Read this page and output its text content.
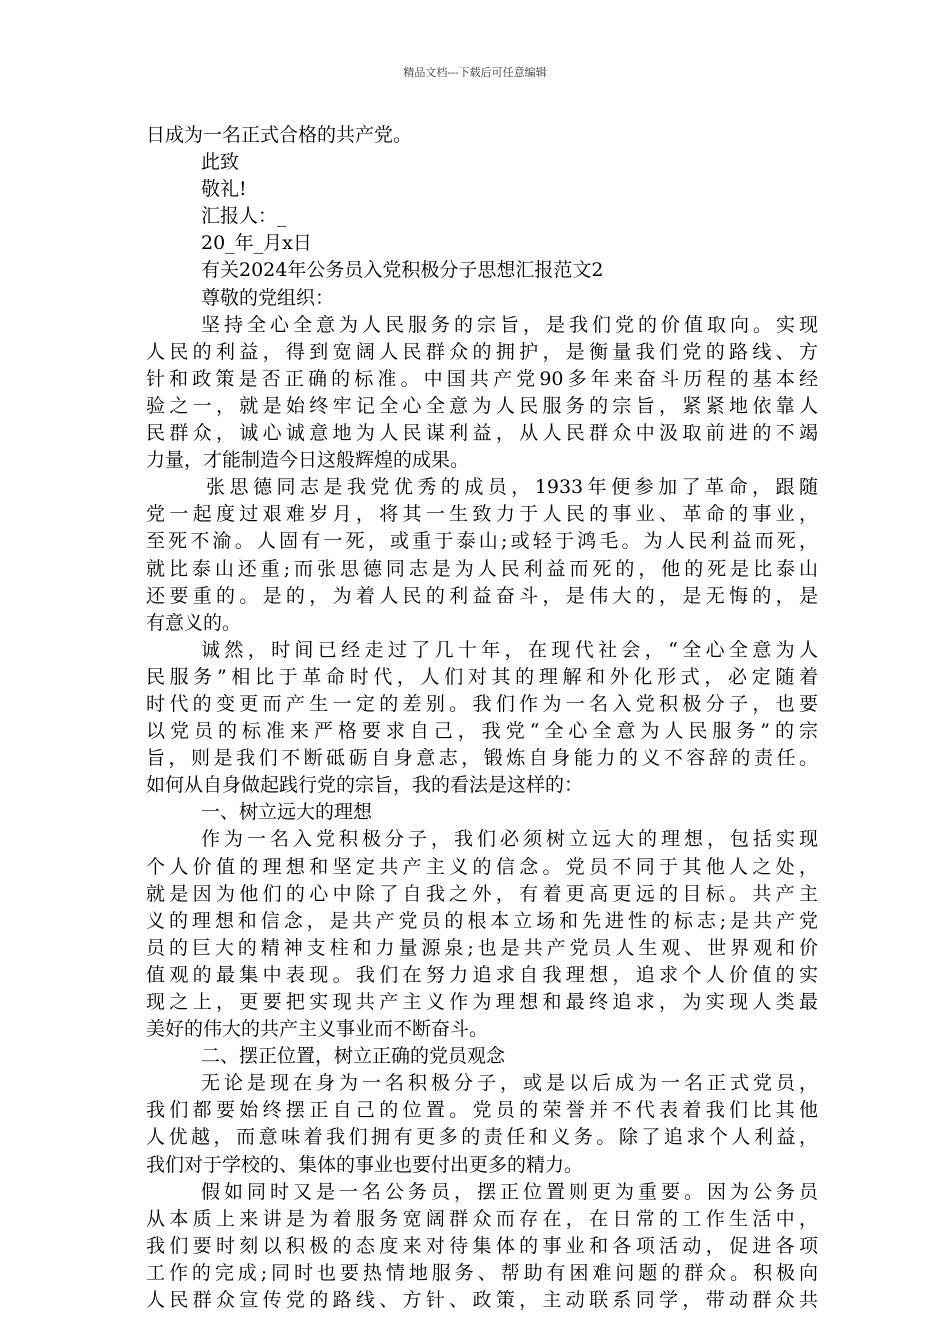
精品文档---下载后可任意编辑
日成为一名正式合格的共产党。
此致
敬礼!
汇报人：_
20_年_月x日
有关2024年公务员入党积极分子思想汇报范文2
尊敬的党组织：
坚持全心全意为人民服务的宗旨，是我们党的价值取向。实现
人民的利益，得到宽阔人民群众的拥护，是衡量我们党的路线、方
针和政策是否正确的标准。中国共产党90多年来奋斗历程的基本经
验之一，就是始终牢记全心全意为人民服务的宗旨，紧紧地依靠人
民群众，诚心诚意地为人民谋利益，从人民群众中汲取前进的不竭
力量，才能制造今日这般辉煌的成果。
张思德同志是我党优秀的成员，1933年便参加了革命，跟随
党一起度过艰难岁月，将其一生致力于人民的事业、革命的事业，
至死不渝。人固有一死，或重于泰山;或轻于鸿毛。为人民利益而死，
就比泰山还重;而张思德同志是为人民利益而死的，他的死是比泰山
还要重的。是的，为着人民的利益奋斗，是伟大的，是无悔的，是
有意义的。
诚然，时间已经走过了几十年，在现代社会，“全心全意为人
民服务”相比于革命时代，人们对其的理解和外化形式，必定随着
时代的变更而产生一定的差别。我们作为一名入党积极分子，也要
以党员的标准来严格要求自己，我党“全心全意为人民服务”的宗
旨，则是我们不断砥砺自身意志，锻炼自身能力的义不容辞的责任。
如何从自身做起践行党的宗旨，我的看法是这样的：
一、树立远大的理想
作为一名入党积极分子，我们必须树立远大的理想，包括实现
个人价值的理想和坚定共产主义的信念。党员不同于其他人之处，
就是因为他们的心中除了自我之外，有着更高更远的目标。共产主
义的理想和信念，是共产党员的根本立场和先进性的标志;是共产党
员的巨大的精神支柱和力量源泉;也是共产党员人生观、世界观和价
值观的最集中表现。我们在努力追求自我理想，追求个人价值的实
现之上，更要把实现共产主义作为理想和最终追求，为实现人类最
美好的伟大的共产主义事业而不断奋斗。
二、摆正位置，树立正确的党员观念
无论是现在身为一名积极分子，或是以后成为一名正式党员，
我们都要始终摆正自己的位置。党员的荣誉并不代表着我们比其他
人优越，而意味着我们拥有更多的责任和义务。除了追求个人利益，
我们对于学校的、集体的事业也要付出更多的精力。
假如同时又是一名公务员，摆正位置则更为重要。因为公务员
从本质上来讲是为着服务宽阔群众而存在，在日常的工作生活中，
我们要时刻以积极的态度来对待集体的事业和各项活动，促进各项
工作的完成;同时也要热情地服务、帮助有困难问题的群众。积极向
人民群众宣传党的路线、方针、政策，主动联系同学，带动群众共
